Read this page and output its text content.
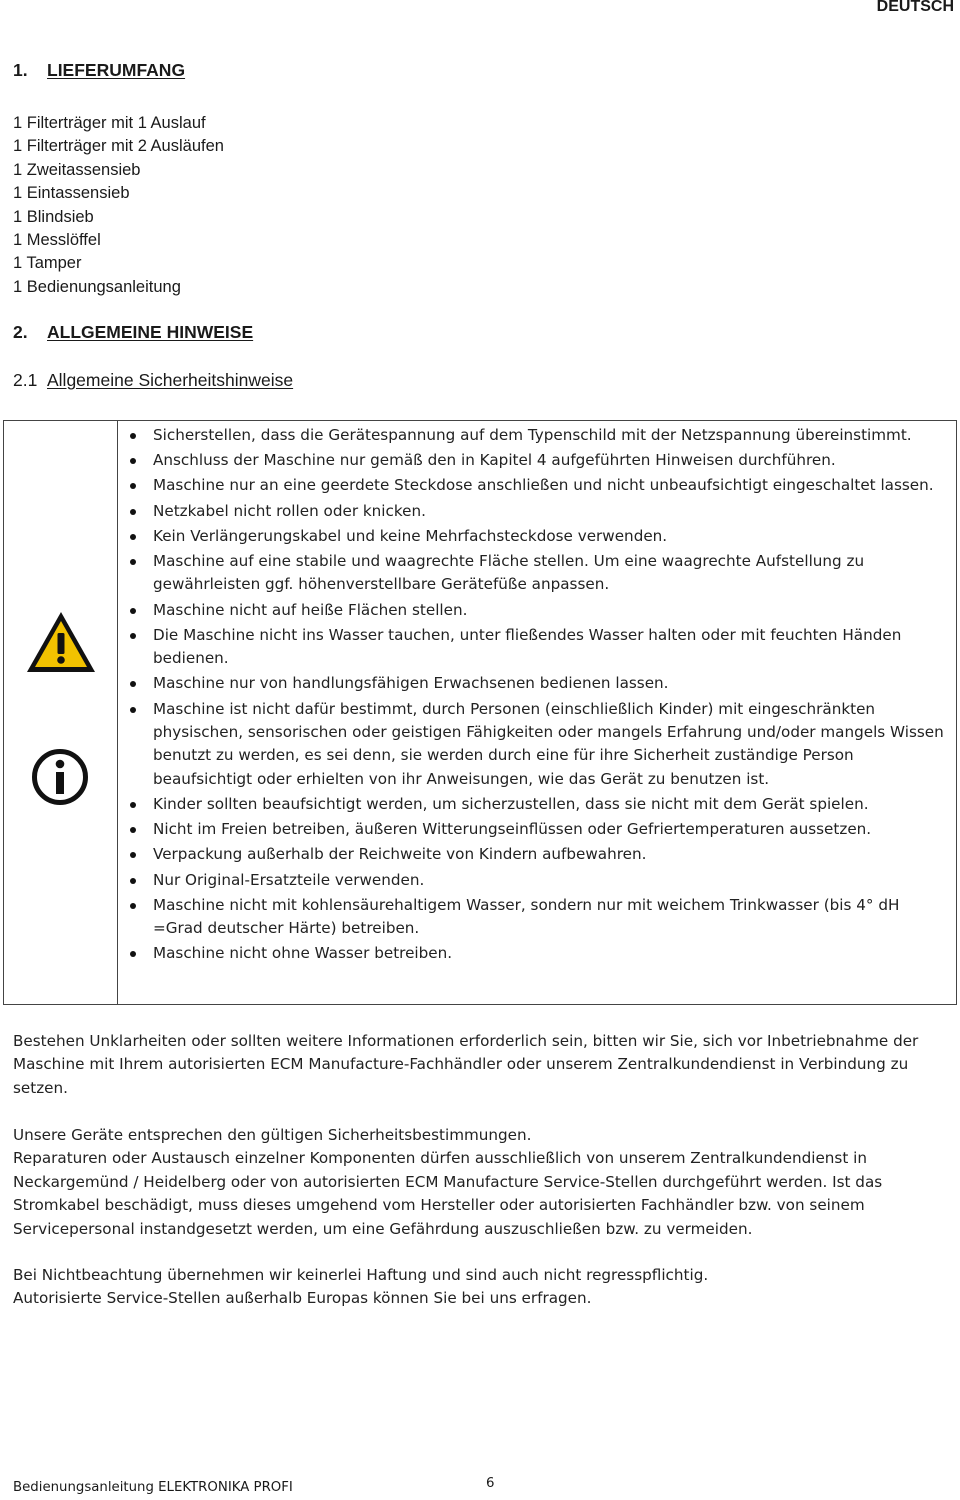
DEUTSCH
1. LIEFERUMFANG
1 Filterträger mit 1 Auslauf
1 Filterträger mit 2 Ausläufen
1 Zweitassensieb
1 Eintassensieb
1 Blindsieb
1 Messlöffel
1 Tamper
1 Bedienungsanleitung
2. ALLGEMEINE HINWEISE
2.1 Allgemeine Sicherheitshinweise
Sicherstellen, dass die Gerätespannung auf dem Typenschild mit der Netzspannung übereinstimmt.
Anschluss der Maschine nur gemäß den in Kapitel 4 aufgeführten Hinweisen durchführen.
Maschine nur an eine geerdete Steckdose anschließen und nicht unbeaufsichtigt eingeschaltet lassen.
Netzkabel nicht rollen oder knicken.
Kein Verlängerungskabel und keine Mehrfachsteckdose verwenden.
Maschine auf eine stabile und waagrechte Fläche stellen. Um eine waagrechte Aufstellung zu gewährleisten ggf. höhenverstellbare Gerätefüße anpassen.
Maschine nicht auf heiße Flächen stellen.
Die Maschine nicht ins Wasser tauchen, unter fließendes Wasser halten oder mit feuchten Händen bedienen.
Maschine nur von handlungsfähigen Erwachsenen bedienen lassen.
Maschine ist nicht dafür bestimmt, durch Personen (einschließlich Kinder) mit eingeschränkten physischen, sensorischen oder geistigen Fähigkeiten oder mangels Erfahrung und/oder mangels Wissen benutzt zu werden, es sei denn, sie werden durch eine für ihre Sicherheit zuständige Person beaufsichtigt oder erhielten von ihr Anweisungen, wie das Gerät zu benutzen ist.
Kinder sollten beaufsichtigt werden, um sicherzustellen, dass sie nicht mit dem Gerät spielen.
Nicht im Freien betreiben, äußeren Witterungseinflüssen oder Gefriertemperaturen aussetzen.
Verpackung außerhalb der Reichweite von Kindern aufbewahren.
Nur Original-Ersatzteile verwenden.
Maschine nicht mit kohlensäurehaltigem Wasser, sondern nur mit weichem Trinkwasser (bis 4° dH =Grad deutscher Härte) betreiben.
Maschine nicht ohne Wasser betreiben.
Bestehen Unklarheiten oder sollten weitere Informationen erforderlich sein, bitten wir Sie, sich vor Inbetriebnahme der Maschine mit Ihrem autorisierten ECM Manufacture-Fachhändler oder unserem Zentralkundendienst in Verbindung zu setzen.
Unsere Geräte entsprechen den gültigen Sicherheitsbestimmungen.
Reparaturen oder Austausch einzelner Komponenten dürfen ausschließlich von unserem Zentralkundendienst in Neckargemünd / Heidelberg oder von autorisierten ECM Manufacture Service-Stellen durchgeführt werden. Ist das Stromkabel beschädigt, muss dieses umgehend vom Hersteller oder autorisierten Fachhändler bzw. von seinem Servicepersonal instandgesetzt werden, um eine Gefährdung auszuschließen bzw. zu vermeiden.
Bei Nichtbeachtung übernehmen wir keinerlei Haftung und sind auch nicht regresspflichtig.
Autorisierte Service-Stellen außerhalb Europas können Sie bei uns erfragen.
Bedienungsanleitung ELEKTRONIKA PROFI	6
